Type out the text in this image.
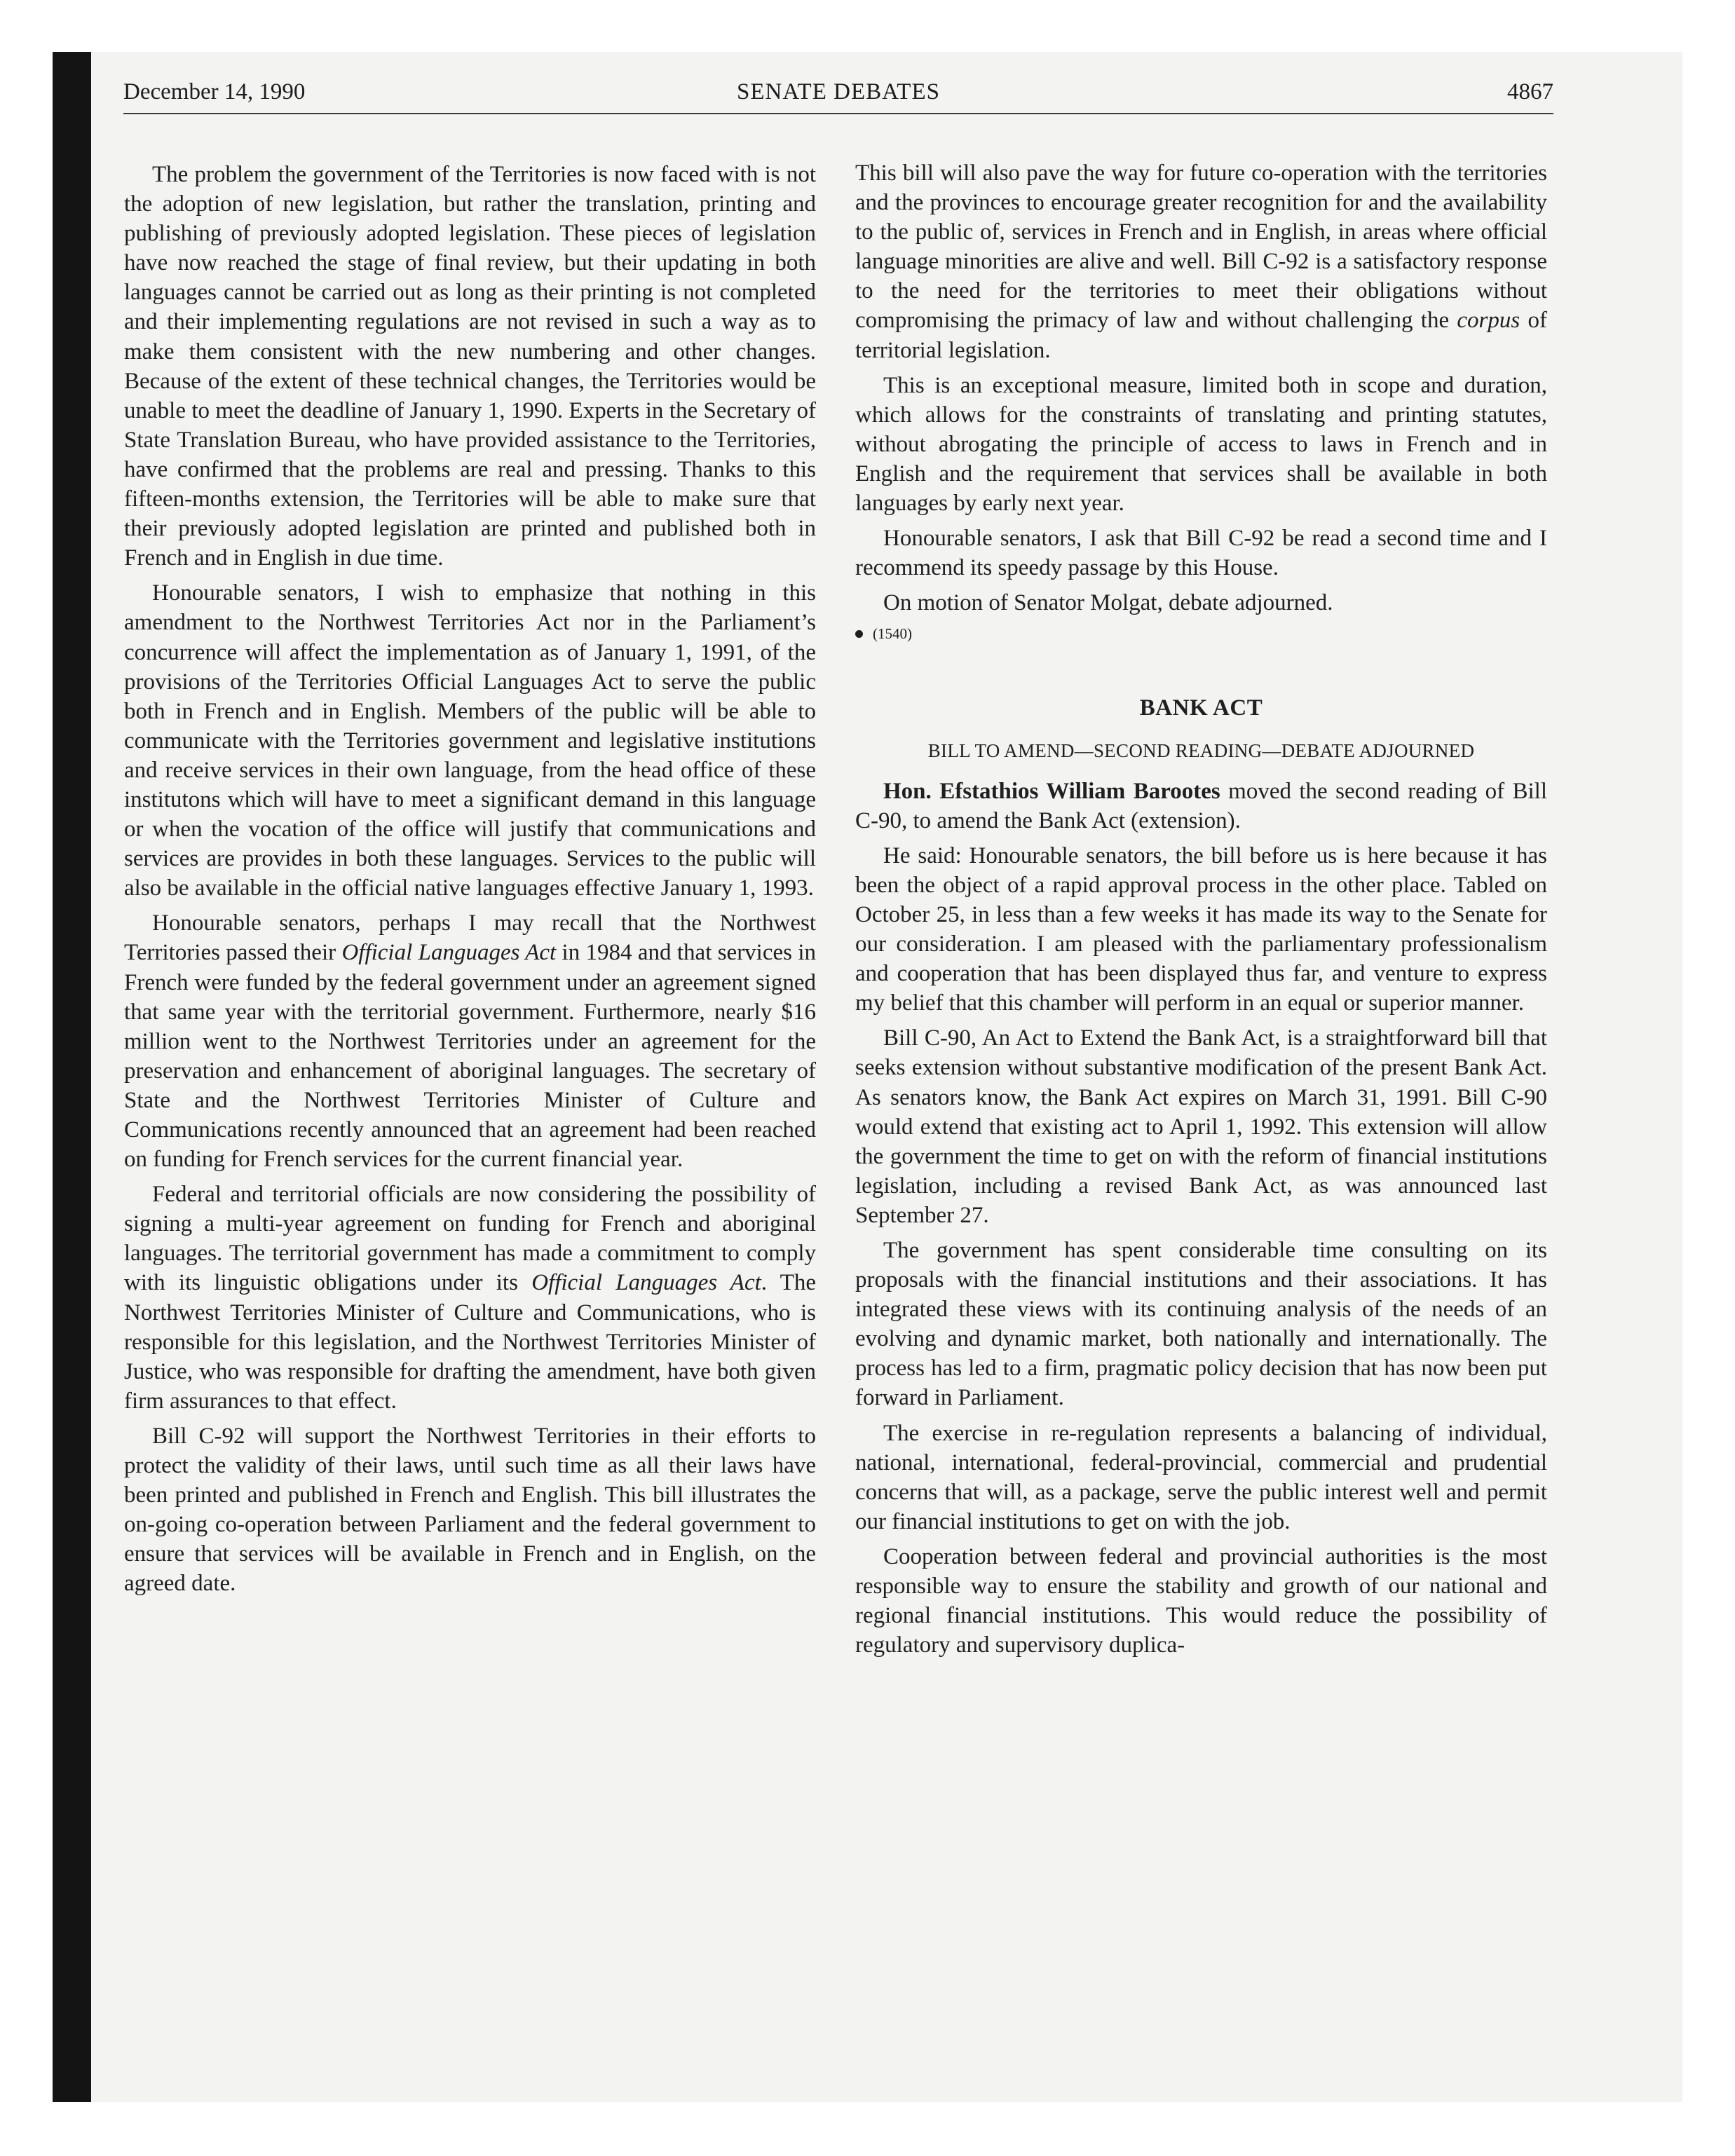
December 14, 1990	SENATE DEBATES	4867

The problem the government of the Territories is now faced with is not the adoption of new legislation, but rather the translation, printing and publishing of previously adopted legislation. These pieces of legislation have now reached the stage of final review, but their updating in both languages cannot be carried out as long as their printing is not completed and their implementing regulations are not revised in such a way as to make them consistent with the new numbering and other changes. Because of the extent of these technical changes, the Territories would be unable to meet the deadline of January 1, 1990. Experts in the Secretary of State Translation Bureau, who have provided assistance to the Territories, have confirmed that the problems are real and pressing. Thanks to this fifteen-months extension, the Territories will be able to make sure that their previously adopted legislation are printed and published both in French and in English in due time.

Honourable senators, I wish to emphasize that nothing in this amendment to the Northwest Territories Act nor in the Parliament’s concurrence will affect the implementation as of January 1, 1991, of the provisions of the Territories Official Languages Act to serve the public both in French and in English. Members of the public will be able to communicate with the Territories government and legislative institutions and receive services in their own language, from the head office of these institutons which will have to meet a significant demand in this language or when the vocation of the office will justify that communications and services are provides in both these languages. Services to the public will also be available in the official native languages effective January 1, 1993.

Honourable senators, perhaps I may recall that the Northwest Territories passed their Official Languages Act in 1984 and that services in French were funded by the federal government under an agreement signed that same year with the territorial government. Furthermore, nearly $16 million went to the Northwest Territories under an agreement for the preservation and enhancement of aboriginal languages. The secretary of State and the Northwest Territories Minister of Culture and Communications recently announced that an agreement had been reached on funding for French services for the current financial year.

Federal and territorial officials are now considering the possibility of signing a multi-year agreement on funding for French and aboriginal languages. The territorial government has made a commitment to comply with its linguistic obligations under its Official Languages Act. The Northwest Territories Minister of Culture and Communications, who is responsible for this legislation, and the Northwest Territories Minister of Justice, who was responsible for drafting the amendment, have both given firm assurances to that effect.

Bill C-92 will support the Northwest Territories in their efforts to protect the validity of their laws, until such time as all their laws have been printed and published in French and English. This bill illustrates the on-going co-operation between Parliament and the federal government to ensure that services will be available in French and in English, on the agreed date.

This bill will also pave the way for future co-operation with the territories and the provinces to encourage greater recognition for and the availability to the public of, services in French and in English, in areas where official language minorities are alive and well. Bill C-92 is a satisfactory response to the need for the territories to meet their obligations without compromising the primacy of law and without challenging the corpus of territorial legislation.

This is an exceptional measure, limited both in scope and duration, which allows for the constraints of translating and printing statutes, without abrogating the principle of access to laws in French and in English and the requirement that services shall be available in both languages by early next year.

Honourable senators, I ask that Bill C-92 be read a second time and I recommend its speedy passage by this House.

On motion of Senator Molgat, debate adjourned.

(1540)
BANK ACT
BILL TO AMEND—SECOND READING—DEBATE ADJOURNED

Hon. Efstathios William Barootes moved the second reading of Bill C-90, to amend the Bank Act (extension).

He said: Honourable senators, the bill before us is here because it has been the object of a rapid approval process in the other place. Tabled on October 25, in less than a few weeks it has made its way to the Senate for our consideration. I am pleased with the parliamentary professionalism and cooperation that has been displayed thus far, and venture to express my belief that this chamber will perform in an equal or superior manner.

Bill C-90, An Act to Extend the Bank Act, is a straightforward bill that seeks extension without substantive modification of the present Bank Act. As senators know, the Bank Act expires on March 31, 1991. Bill C-90 would extend that existing act to April 1, 1992. This extension will allow the government the time to get on with the reform of financial institutions legislation, including a revised Bank Act, as was announced last September 27.

The government has spent considerable time consulting on its proposals with the financial institutions and their associations. It has integrated these views with its continuing analysis of the needs of an evolving and dynamic market, both nationally and internationally. The process has led to a firm, pragmatic policy decision that has now been put forward in Parliament.

The exercise in re-regulation represents a balancing of individual, national, international, federal-provincial, commercial and prudential concerns that will, as a package, serve the public interest well and permit our financial institutions to get on with the job.

Cooperation between federal and provincial authorities is the most responsible way to ensure the stability and growth of our national and regional financial institutions. This would reduce the possibility of regulatory and supervisory duplica-
